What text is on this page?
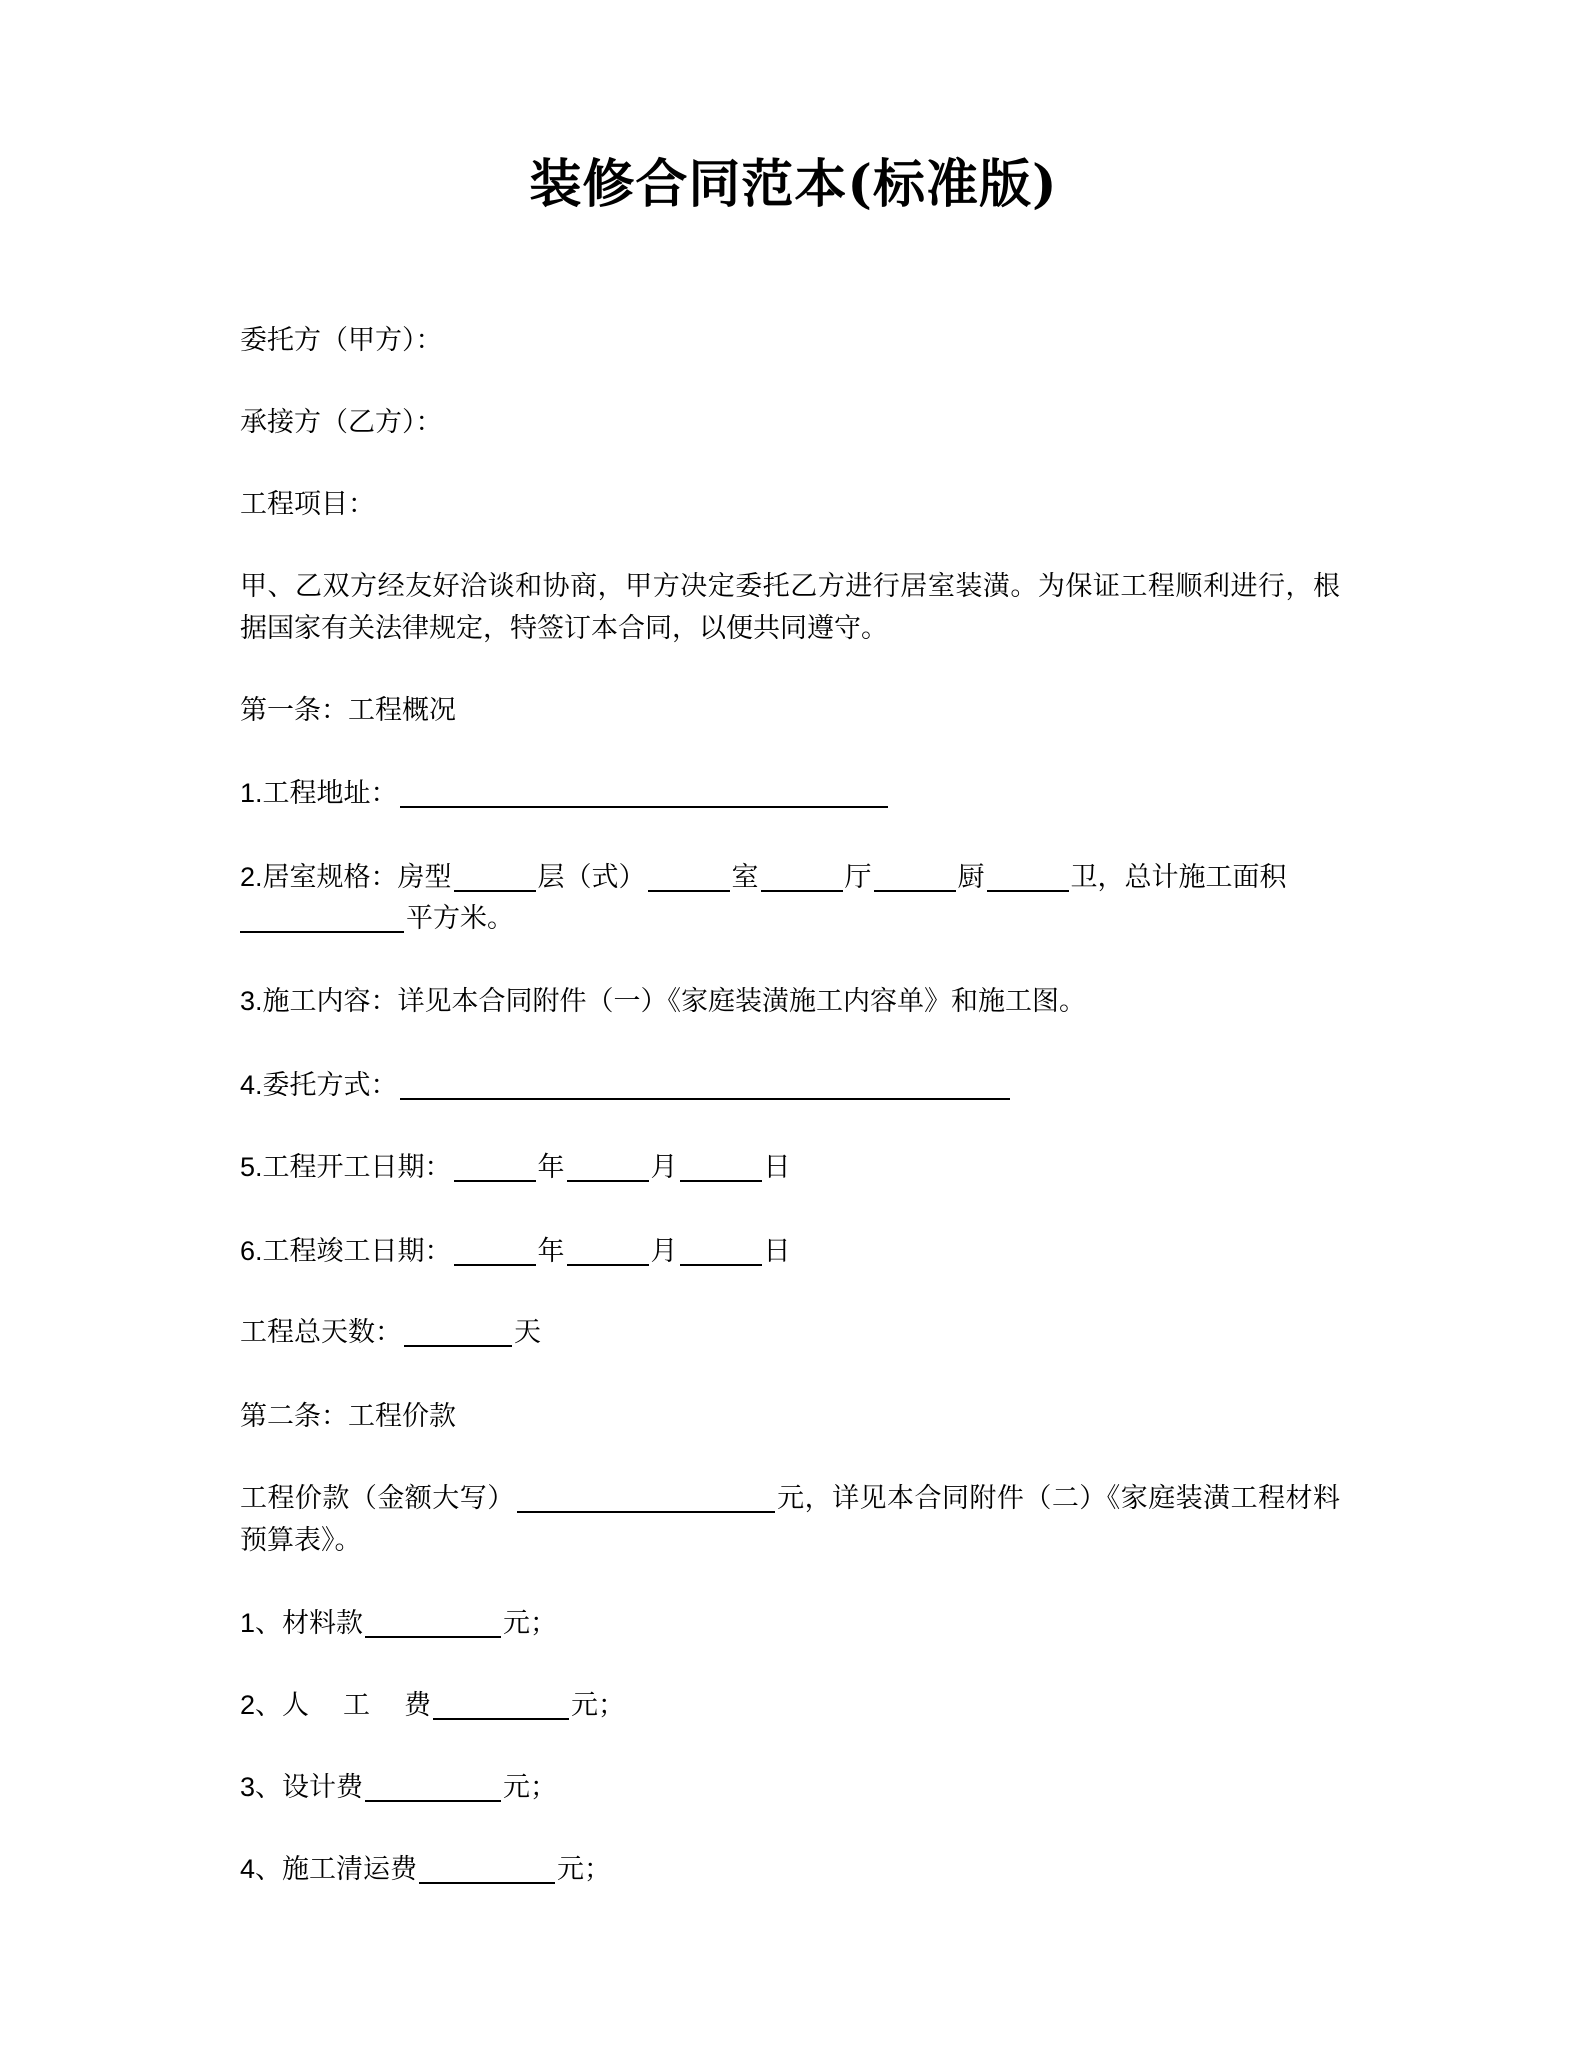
装修合同范本(标准版)
委托方（甲方）：
承接方（乙方）：
工程项目：
甲、乙双方经友好洽谈和协商，甲方决定委托乙方进行居室装潢。为保证工程顺利进行，根据国家有关法律规定，特签订本合同，以便共同遵守。
第一条：工程概况
1.工程地址：
2.居室规格：房型	层（式）	室	厅	厨	卫，总计施工面积
平方米。
3.施工内容：详见本合同附件（一）《家庭装潢施工内容单》和施工图。
4.委托方式：
5.工程开工日期：	年	月	日
6.工程竣工日期：	年	月	日
工程总天数：	天
第二条：工程价款
工程价款（金额大写）	元，详见本合同附件（二）《家庭装潢工程材料预算表》。
1、材料款	元；
2、人 工 费	元；
3、设计费	元；
4、施工清运费	元；
